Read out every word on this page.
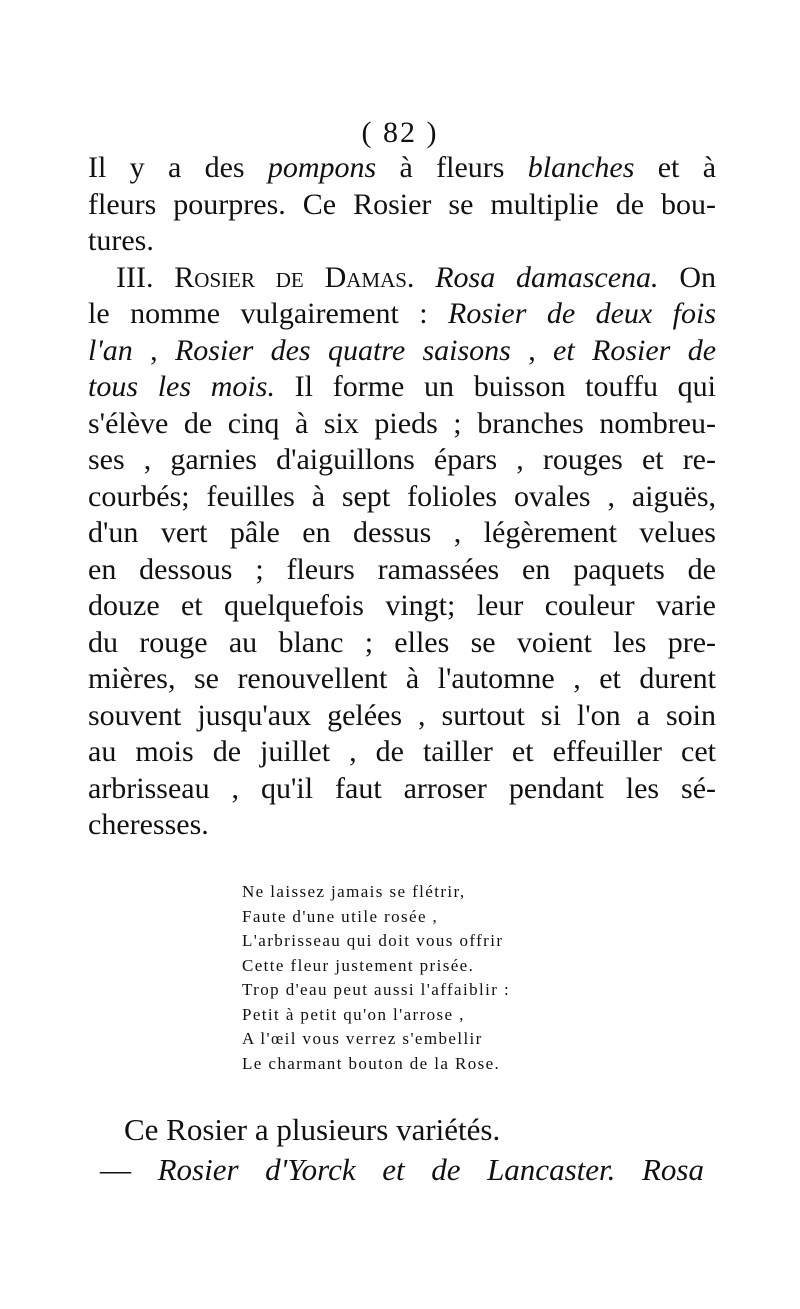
( 82 )
Il y a des pompons à fleurs blanches et à
fleurs pourpres. Ce Rosier se multiplie de bou-
tures.
III. Rosier de Damas. Rosa damascena. On
le nomme vulgairement : Rosier de deux fois
l'an , Rosier des quatre saisons , et Rosier de
tous les mois. Il forme un buisson touffu qui
s'élève de cinq à six pieds ; branches nombreu-
ses , garnies d'aiguillons épars , rouges et re-
courbés; feuilles à sept folioles ovales , aiguës,
d'un vert pâle en dessus , légèrement velues
en dessous ; fleurs ramassées en paquets de
douze et quelquefois vingt; leur couleur varie
du rouge au blanc ; elles se voient les pre-
mières, se renouvellent à l'automne , et durent
souvent jusqu'aux gelées , surtout si l'on a soin
au mois de juillet , de tailler et effeuiller cet
arbrisseau , qu'il faut arroser pendant les sé-
cheresses.
Ne laissez jamais se flétrir,
Faute d'une utile rosée ,
L'arbrisseau qui doit vous offrir
Cette fleur justement prisée.
Trop d'eau peut aussi l'affaiblir :
Petit à petit qu'on l'arrose ,
A l'œil vous verrez s'embellir
Le charmant bouton de la Rose.
Ce Rosier a plusieurs variétés.
— Rosier d'Yorck et de Lancaster. Rosa
